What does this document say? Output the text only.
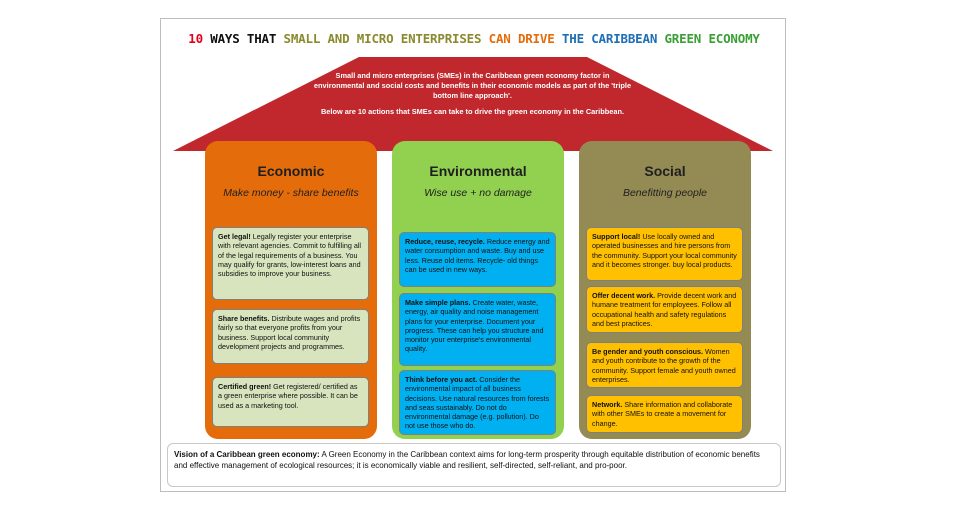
10 WAYS THAT SMALL AND MICRO ENTERPRISES CAN DRIVE THE CARIBBEAN GREEN ECONOMY

Small and micro enterprises (SMEs) in the Caribbean green economy factor in environmental and social costs and benefits in their economic models as part of the 'triple bottom line approach'.

Below are 10 actions that SMEs can take to drive the green economy in the Caribbean.

Economic
Make money - share benefits
Get legal! Legally register your enterprise with relevant agencies. Commit to fulfilling all of the legal requirements of a business. You may qualify for grants, low-interest loans and subsidies to improve your business.
Share benefits. Distribute wages and profits fairly so that everyone profits from your business. Support local community development projects and programmes.
Certified green! Get registered/ certified as a green enterprise where possible. It can be used as a marketing tool.
Environmental
Wise use + no damage
Reduce, reuse, recycle. Reduce energy and water consumption and waste. Buy and use less. Reuse old items. Recycle- old things can be used in new ways.
Make simple plans. Create water, waste, energy, air quality and noise management plans for your enterprise. Document your progress. These can help you structure and monitor your enterprise's environmental quality.
Think before you act. Consider the environmental impact of all business decisions. Use natural resources from forests and seas sustainably. Do not do environmental damage (e.g. pollution). Do not use those who do.
Social
Benefitting people
Support local! Use locally owned and operated businesses and hire persons from the community. Support your local community and it becomes stronger. buy local products.
Offer decent work. Provide decent work and humane treatment for employees. Follow all occupational health and safety regulations and best practices.
Be gender and youth conscious. Women and youth contribute to the growth of the community. Support female and youth owned enterprises.
Network. Share information and collaborate with other SMEs to create a movement for change.
Vision of a Caribbean green economy: A Green Economy in the Caribbean context aims for long-term prosperity through equitable distribution of economic benefits and effective management of ecological resources; it is economically viable and resilient, self-directed, self-reliant, and pro-poor.
